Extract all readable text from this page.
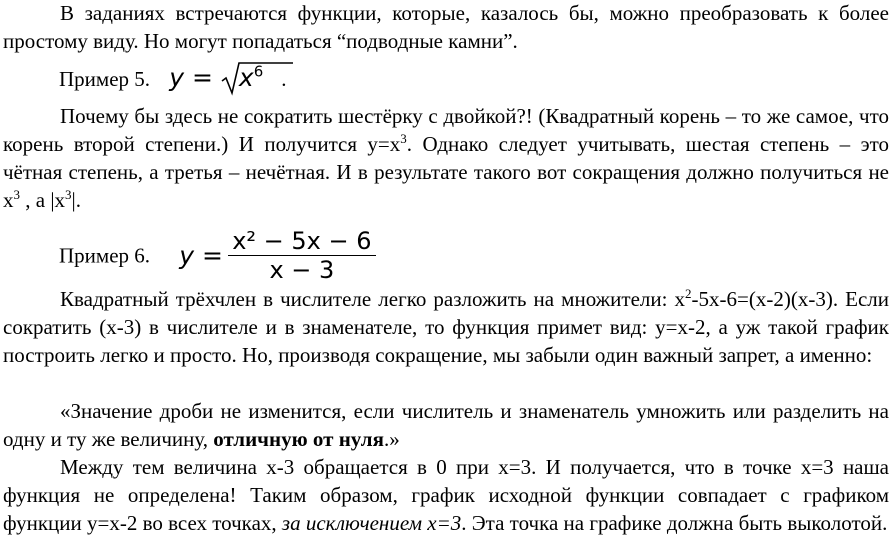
В заданиях встречаются функции, которые, казалось бы, можно преобразовать к более простому виду. Но могут попадаться “подводные камни”.

Пример 5. $y = x^6$ .

Почему бы здесь не сократить шестёрку с двойкой?! (Квадратный корень – то же самое, что корень второй степени.) И получится $у=х^3$. Однако следует учитывать, шестая степень – это чётная степень, а третья – нечётная. И в результате такого вот сокращения должно получиться не $х^3$ , а $|х^3|$.

Пример 6. $y = \frac{\text{x² − 5x − 6}}{x - 3}$

Квадратный трёхчлен в числителе легко разложить на множители: $х^2-5х-6=(х-2)(х-3)$. Если сократить (х-3) в числителе и в знаменателе, то функция примет вид: у=х-2, а уж такой график построить легко и просто. Но, производя сокращение, мы забыли один важный запрет, а именно:

«Значение дроби не изменится, если числитель и знаменатель умножить или разделить на одну и ту же величину, отличную от нуля.»

Между тем величина х-3 обращается в 0 при х=3. И получается, что в точке х=3 наша функция не определена! Таким образом, график исходной функции совпадает с графиком функции у=х-2 во всех точках, за исключением х=3. Эта точка на графике должна быть выколотой.
